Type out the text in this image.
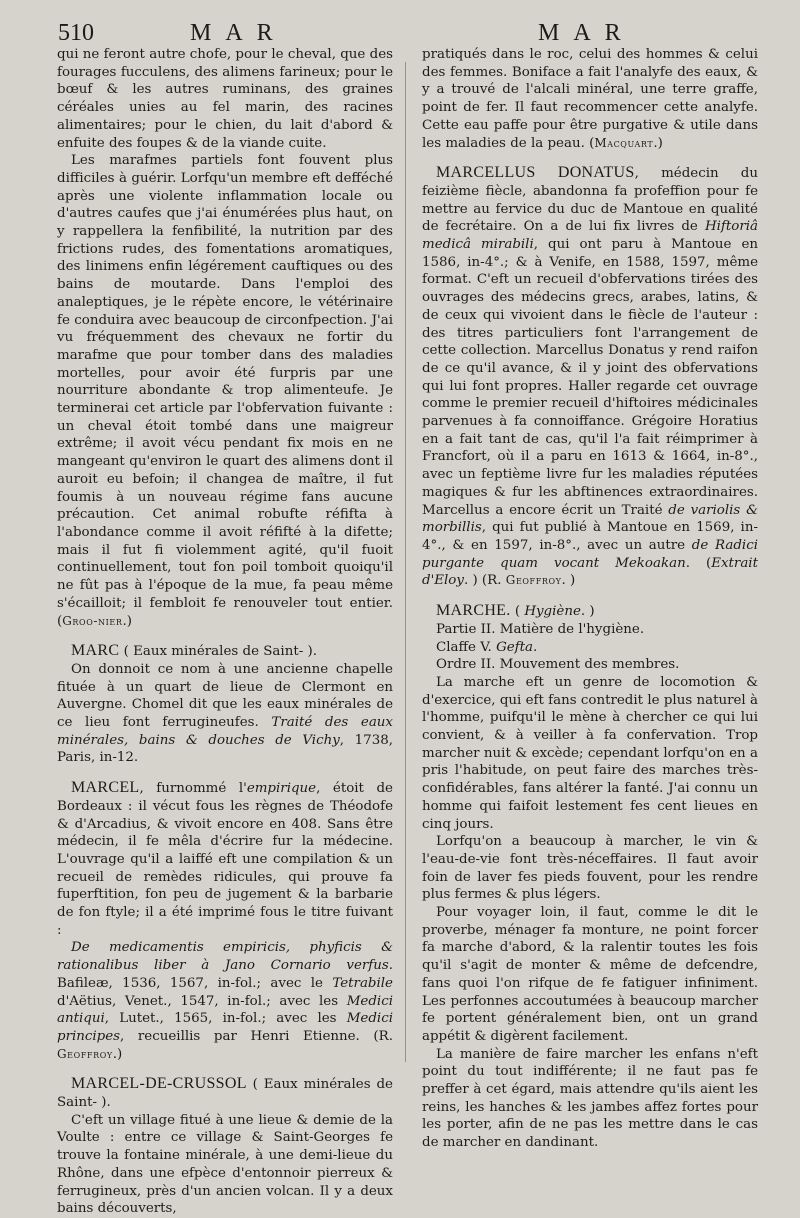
510	MAR	MAR

qui ne feront autre chofe, pour le cheval, que des fourages fucculens, des alimens farineux; pour le bœuf & les autres ruminans, des graines céréales unies au fel marin, des racines alimentaires; pour le chien, du lait d'abord & enfuite des foupes & de la viande cuite.

Les marafmes partiels font fouvent plus difficiles à guérir. Lorfqu'un membre eft defféché après une violente inflammation locale ou d'autres caufes que j'ai énumérées plus haut, on y rappellera la fenfibilité, la nutrition par des frictions rudes, des fomentations aromatiques, des linimens enfin légérement cauftiques ou des bains de moutarde. Dans l'emploi des analeptiques, je le répète encore, le vétérinaire fe conduira avec beaucoup de circonfpection. J'ai vu fréquemment des chevaux ne fortir du marafme que pour tomber dans des maladies mortelles, pour avoir été furpris par une nourriture abondante & trop alimenteufe. Je terminerai cet article par l'obfervation fuivante : un cheval étoit tombé dans une maigreur extrême; il avoit vécu pendant fix mois en ne mangeant qu'environ le quart des alimens dont il auroit eu befoin; il changea de maître, il fut foumis à un nouveau régime fans aucune précaution. Cet animal robufte réfifta à l'abondance comme il avoit réfifté à la difette; mais il fut fi violemment agité, qu'il fuoit continuellement, tout fon poil tomboit quoiqu'il ne fût pas à l'époque de la mue, fa peau même s'écailloit; il fembloit fe renouveler tout entier. (Groo-nier.)

MARC ( Eaux minérales de Saint- ).

On donnoit ce nom à une ancienne chapelle fituée à un quart de lieue de Clermont en Auvergne. Chomel dit que les eaux minérales de ce lieu font ferrugineufes. Traité des eaux minérales, bains & douches de Vichy, 1738, Paris, in-12.

MARCEL, furnommé l'empirique, étoit de Bordeaux : il vécut fous les règnes de Théodofe & d'Arcadius, & vivoit encore en 408. Sans être médecin, il fe mêla d'écrire fur la médecine. L'ouvrage qu'il a laiffé eft une compilation & un recueil de remèdes ridicules, qui prouve fa fuperftition, fon peu de jugement & la barbarie de fon ftyle; il a été imprimé fous le titre fuivant :

De medicamentis empiricis, phyficis & rationalibus liber à Jano Cornario verfus. Bafileæ, 1536, 1567, in-fol.; avec le Tetrabile d'Aëtius, Venet., 1547, in-fol.; avec les Medici antiqui, Lutet., 1565, in-fol.; avec les Medici principes, recueillis par Henri Etienne. (R. Geoffroy.)

MARCEL-DE-CRUSSOL ( Eaux minérales de Saint- ).

C'eft un village fitué à une lieue & demie de la Voulte : entre ce village & Saint-Georges fe trouve la fontaine minérale, à une demi-lieue du Rhône, dans une efpèce d'entonnoir pierreux & ferrugineux, près d'un ancien volcan. Il y a deux bains découverts,

pratiqués dans le roc, celui des hommes & celui des femmes. Boniface a fait l'analyfe des eaux, & y a trouvé de l'alcali minéral, une terre graffe, point de fer. Il faut recommencer cette analyfe. Cette eau paffe pour être purgative & utile dans les maladies de la peau. (Macquart.)

MARCELLUS DONATUS, médecin du feizième fiècle, abandonna fa profeffion pour fe mettre au fervice du duc de Mantoue en qualité de fecrétaire. On a de lui fix livres de Hiftoriâ medicâ mirabili, qui ont paru à Mantoue en 1586, in-4°.; & à Venife, en 1588, 1597, même format. C'eft un recueil d'obfervations tirées des ouvrages des médecins grecs, arabes, latins, & de ceux qui vivoient dans le fiècle de l'auteur : des titres particuliers font l'arrangement de cette collection. Marcellus Donatus y rend raifon de ce qu'il avance, & il y joint des obfervations qui lui font propres. Haller regarde cet ouvrage comme le premier recueil d'hiftoires médicinales parvenues à fa connoiffance. Grégoire Horatius en a fait tant de cas, qu'il l'a fait réimprimer à Francfort, où il a paru en 1613 & 1664, in-8°., avec un feptième livre fur les maladies réputées magiques & fur les abftinences extraordinaires. Marcellus a encore écrit un Traité de variolis & morbillis, qui fut publié à Mantoue en 1569, in-4°., & en 1597, in-8°., avec un autre de Radici purgante quam vocant Mekoakan. (Extrait d'Eloy. ) (R. Geoffroy. )

MARCHE. ( Hygiène. )

Partie II. Matière de l'hygiène.

Claffe V. Gefta.

Ordre II. Mouvement des membres.

La marche eft un genre de locomotion & d'exercice, qui eft fans contredit le plus naturel à l'homme, puifqu'il le mène à chercher ce qui lui convient, & à veiller à fa confervation. Trop marcher nuit & excède; cependant lorfqu'on en a pris l'habitude, on peut faire des marches très-confidérables, fans altérer la fanté. J'ai connu un homme qui faifoit lestement fes cent lieues en cinq jours.

Lorfqu'on a beaucoup à marcher, le vin & l'eau-de-vie font très-néceffaires. Il faut avoir foin de laver fes pieds fouvent, pour les rendre plus fermes & plus légers.

Pour voyager loin, il faut, comme le dit le proverbe, ménager fa monture, ne point forcer fa marche d'abord, & la ralentir toutes les fois qu'il s'agit de monter & même de defcendre, fans quoi l'on rifque de fe fatiguer infiniment. Les perfonnes accoutumées à beaucoup marcher fe portent généralement bien, ont un grand appétit & digèrent facilement.

La manière de faire marcher les enfans n'eft point du tout indifférente; il ne faut pas fe preffer à cet égard, mais attendre qu'ils aient les reins, les hanches & les jambes affez fortes pour les porter, afin de ne pas les mettre dans le cas de marcher en dandinant.
